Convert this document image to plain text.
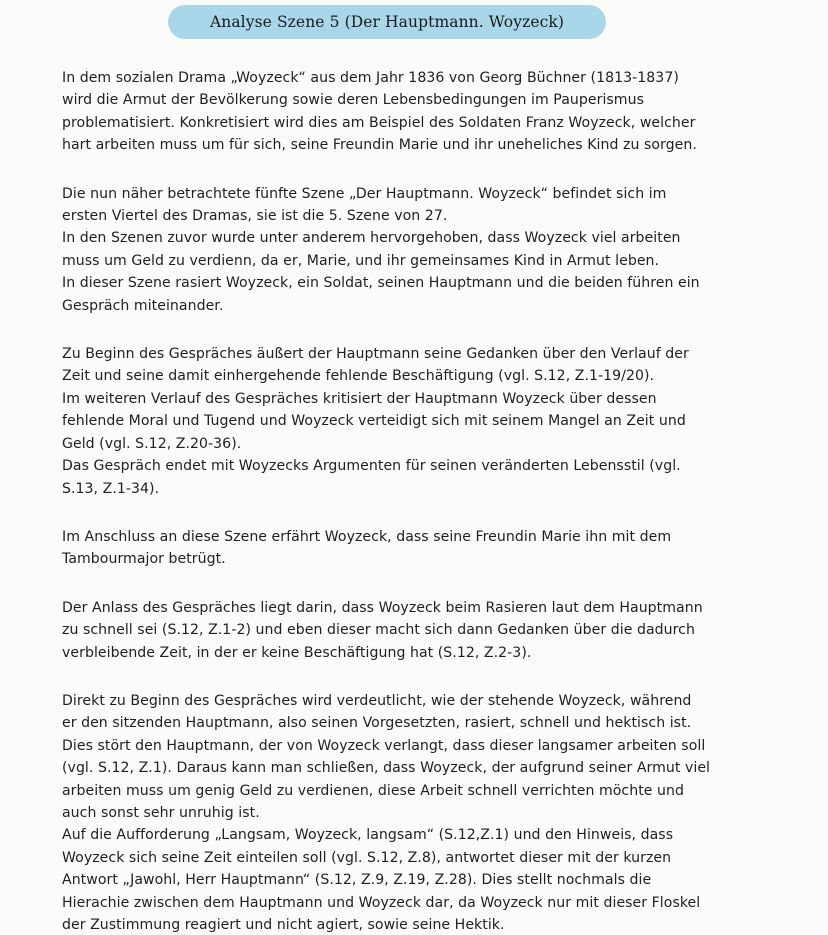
Analyse Szene 5 (Der Hauptmann. Woyzeck)
In dem sozialen Drama „Woyzeck“ aus dem Jahr 1836 von Georg Büchner (1813-1837)
wird die Armut der Bevölkerung sowie deren Lebensbedingungen im Pauperismus
problematisiert. Konkretisiert wird dies am Beispiel des Soldaten Franz Woyzeck, welcher
hart arbeiten muss um für sich, seine Freundin Marie und ihr uneheliches Kind zu sorgen.
Die nun näher betrachtete fünfte Szene „Der Hauptmann. Woyzeck“ befindet sich im
ersten Viertel des Dramas, sie ist die 5. Szene von 27.
In den Szenen zuvor wurde unter anderem hervorgehoben, dass Woyzeck viel arbeiten
muss um Geld zu verdienn, da er, Marie, und ihr gemeinsames Kind in Armut leben.
In dieser Szene rasiert Woyzeck, ein Soldat, seinen Hauptmann und die beiden führen ein
Gespräch miteinander.
Zu Beginn des Gespräches äußert der Hauptmann seine Gedanken über den Verlauf der
Zeit und seine damit einhergehende fehlende Beschäftigung (vgl. S.12, Z.1-19/20).
Im weiteren Verlauf des Gespräches kritisiert der Hauptmann Woyzeck über dessen
fehlende Moral und Tugend und Woyzeck verteidigt sich mit seinem Mangel an Zeit und
Geld (vgl. S.12, Z.20-36).
Das Gespräch endet mit Woyzecks Argumenten für seinen veränderten Lebensstil (vgl.
S.13, Z.1-34).
Im Anschluss an diese Szene erfährt Woyzeck, dass seine Freundin Marie ihn mit dem
Tambourmajor betrügt.
Der Anlass des Gespräches liegt darin, dass Woyzeck beim Rasieren laut dem Hauptmann
zu schnell sei (S.12, Z.1-2) und eben dieser macht sich dann Gedanken über die dadurch
verbleibende Zeit, in der er keine Beschäftigung hat (S.12, Z.2-3).
Direkt zu Beginn des Gespräches wird verdeutlicht, wie der stehende Woyzeck, während
er den sitzenden Hauptmann, also seinen Vorgesetzten, rasiert, schnell und hektisch ist.
Dies stört den Hauptmann, der von Woyzeck verlangt, dass dieser langsamer arbeiten soll
(vgl. S.12, Z.1). Daraus kann man schließen, dass Woyzeck, der aufgrund seiner Armut viel
arbeiten muss um genig Geld zu verdienen, diese Arbeit schnell verrichten möchte und
auch sonst sehr unruhig ist.
Auf die Aufforderung „Langsam, Woyzeck, langsam“ (S.12,Z.1) und den Hinweis, dass
Woyzeck sich seine Zeit einteilen soll (vgl. S.12, Z.8), antwortet dieser mit der kurzen
Antwort „Jawohl, Herr Hauptmann“ (S.12, Z.9, Z.19, Z.28). Dies stellt nochmals die
Hierachie zwischen dem Hauptmann und Woyzeck dar, da Woyzeck nur mit dieser Floskel
der Zustimmung reagiert und nicht agiert, sowie seine Hektik.
